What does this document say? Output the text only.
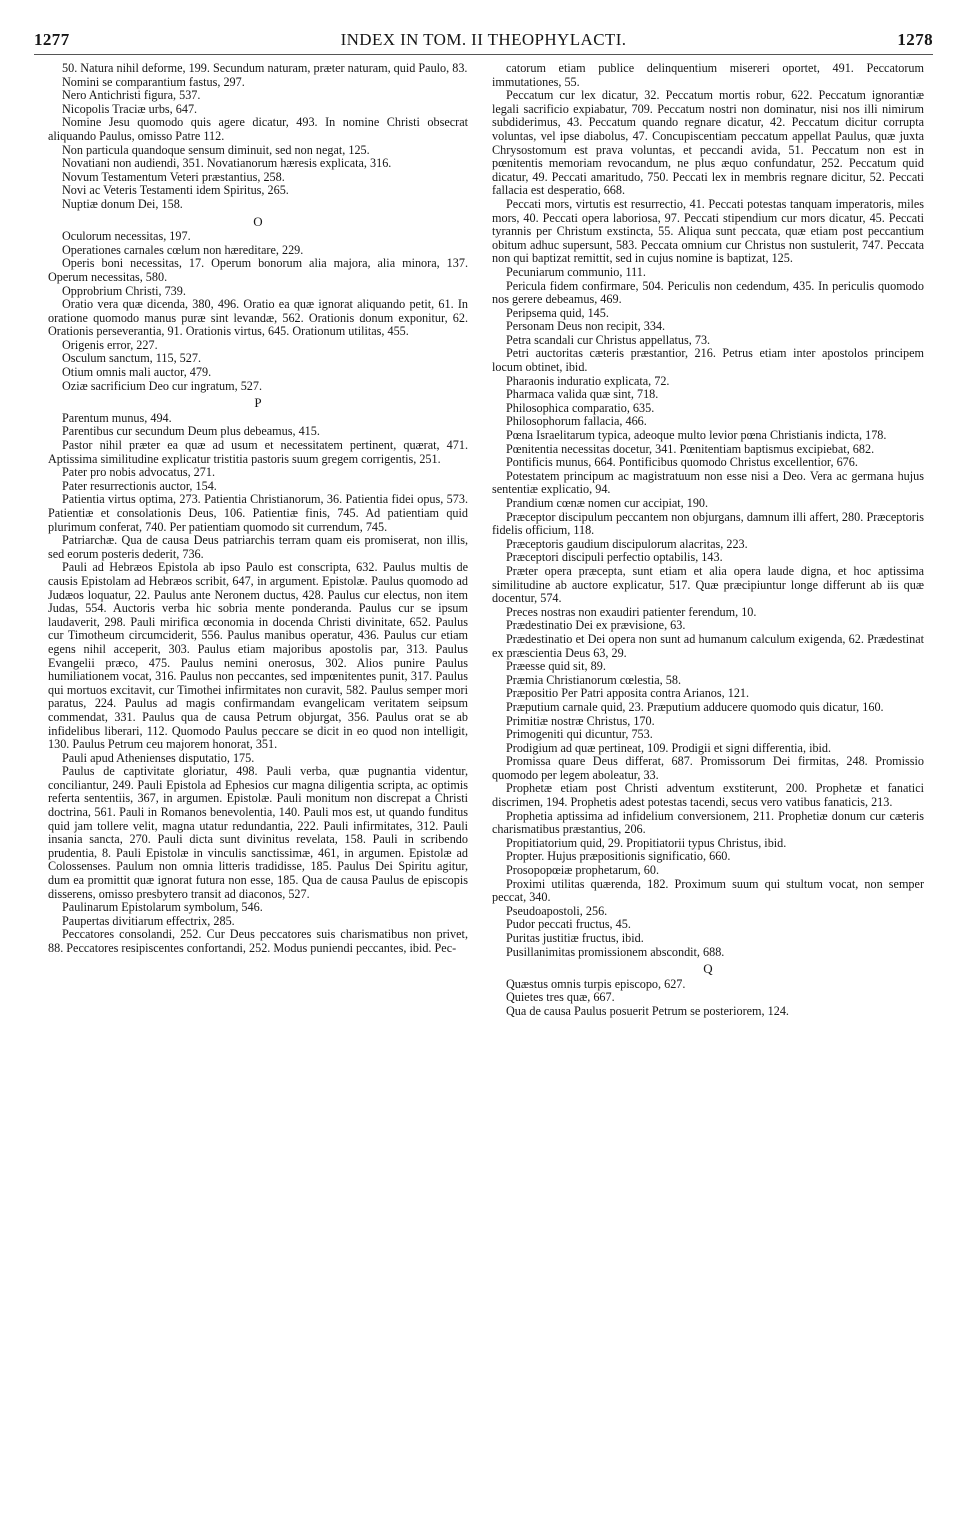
1277	INDEX IN TOM. II THEOPHYLACTI.	1278

50. Natura nihil deforme, 199. Secundum naturam, præter naturam, quid Paulo, 83.

Nomini se comparantium fastus, 297.

Nero Antichristi figura, 537.

Nicopolis Traciæ urbs, 647.

Nomine Jesu quomodo quis agere dicatur, 493. In nomine Christi obsecrat aliquando Paulus, omisso Patre 112.

Non particula quandoque sensum diminuit, sed non negat, 125.

Novatiani non audiendi, 351. Novatianorum hæresis explicata, 316.

Novum Testamentum Veteri præstantius, 258.

Novi ac Veteris Testamenti idem Spiritus, 265.

Nuptiæ donum Dei, 158.

O

Oculorum necessitas, 197.

Operationes carnales cœlum non hæreditare, 229.

Operis boni necessitas, 17. Operum bonorum alia majora, alia minora, 137. Operum necessitas, 580.

Opprobrium Christi, 739.

Oratio vera quæ dicenda, 380, 496. Oratio ea quæ ignorat aliquando petit, 61. In oratione quomodo manus puræ sint levandæ, 562. Orationis donum exponitur, 62. Orationis perseverantia, 91. Orationis virtus, 645. Orationum utilitas, 455.

Origenis error, 227.

Osculum sanctum, 115, 527.

Otium omnis mali auctor, 479.

Oziæ sacrificium Deo cur ingratum, 527.

P

Parentum munus, 494.

Parentibus cur secundum Deum plus debeamus, 415.

Pastor nihil præter ea quæ ad usum et necessitatem pertinent, quærat, 471. Aptissima similitudine explicatur tristitia pastoris suum gregem corrigentis, 251.

Pater pro nobis advocatus, 271.

Pater resurrectionis auctor, 154.

Patientia virtus optima, 273. Patientia Christianorum, 36. Patientia fidei opus, 573. Patientiæ et consolationis Deus, 106. Patientiæ finis, 745. Ad patientiam quid plurimum conferat, 740. Per patientiam quomodo sit currendum, 745.

Patriarchæ. Qua de causa Deus patriarchis terram quam eis promiserat, non illis, sed eorum posteris dederit, 736.

Pauli ad Hebræos Epistola ab ipso Paulo est conscripta, 632. Paulus multis de causis Epistolam ad Hebræos scribit, 647, in argument. Epistolæ. Paulus quomodo ad Judæos loquatur, 22. Paulus ante Neronem ductus, 428. Paulus cur electus, non item Judas, 554. Auctoris verba hic sobria mente ponderanda. Paulus cur se ipsum laudaverit, 298. Pauli mirifica œconomia in docenda Christi divinitate, 652. Paulus cur Timotheum circumciderit, 556. Paulus manibus operatur, 436. Paulus cur etiam egens nihil acceperit, 303. Paulus etiam majoribus apostolis par, 313. Paulus Evangelii præco, 475. Paulus nemini onerosus, 302. Alios punire Paulus humiliationem vocat, 316. Paulus non peccantes, sed impœnitentes punit, 317. Paulus qui mortuos excitavit, cur Timothei infirmitates non curavit, 582. Paulus semper mori paratus, 224. Paulus ad magis confirmandam evangelicam veritatem seipsum commendat, 331. Paulus qua de causa Petrum objurgat, 356. Paulus orat se ab infidelibus liberari, 112. Quomodo Paulus peccare se dicit in eo quod non intelligit, 130. Paulus Petrum ceu majorem honorat, 351.

Pauli apud Athenienses disputatio, 175.

Paulus de captivitate gloriatur, 498. Pauli verba, quæ pugnantia videntur, conciliantur, 249. Pauli Epistola ad Ephesios cur magna diligentia scripta, ac optimis referta sententiis, 367, in argumen. Epistolæ. Pauli monitum non discrepat a Christi doctrina, 561. Pauli in Romanos benevolentia, 140. Pauli mos est, ut quando funditus quid jam tollere velit, magna utatur redundantia, 222. Pauli infirmitates, 312. Pauli insania sancta, 270. Pauli dicta sunt divinitus revelata, 158. Pauli in scribendo prudentia, 8. Pauli Epistolæ in vinculis sanctissimæ, 461, in argumen. Epistolæ ad Colossenses. Paulum non omnia litteris tradidisse, 185. Paulus Dei Spiritu agitur, dum ea promittit quæ ignorat futura non esse, 185. Qua de causa Paulus de episcopis disserens, omisso presbytero transit ad diaconos, 527.

Paulinarum Epistolarum symbolum, 546.

Paupertas divitiarum effectrix, 285.

Peccatores consolandi, 252. Cur Deus peccatores suis charismatibus non privet, 88. Peccatores resipiscentes confortandi, 252. Modus puniendi peccantes, ibid. Pec-

catorum etiam publice delinquentium misereri oportet, 491. Peccatorum immutationes, 55.

Peccatum cur lex dicatur, 32. Peccatum mortis robur, 622. Peccatum ignorantiæ legali sacrificio expiabatur, 709. Peccatum nostri non dominatur, nisi nos illi nimirum subdiderimus, 43. Peccatum quando regnare dicatur, 42. Peccatum dicitur corrupta voluntas, vel ipse diabolus, 47. Concupiscentiam peccatum appellat Paulus, quæ juxta Chrysostomum est prava voluntas, et peccandi avida, 51. Peccatum non est in pœnitentis memoriam revocandum, ne plus æquo confundatur, 252. Peccatum quid dicatur, 49. Peccati amaritudo, 750. Peccati lex in membris regnare dicitur, 52. Peccati fallacia est desperatio, 668.

Peccati mors, virtutis est resurrectio, 41. Peccati potestas tanquam imperatoris, miles mors, 40. Peccati opera laboriosa, 97. Peccati stipendium cur mors dicatur, 45. Peccati tyrannis per Christum exstincta, 55. Aliqua sunt peccata, quæ etiam post peccantium obitum adhuc supersunt, 583. Peccata omnium cur Christus non sustulerit, 747. Peccata non qui baptizat remittit, sed in cujus nomine is baptizat, 125.

Pecuniarum communio, 111.

Pericula fidem confirmare, 504. Periculis non cedendum, 435. In periculis quomodo nos gerere debeamus, 469.

Peripsema quid, 145.

Personam Deus non recipit, 334.

Petra scandali cur Christus appellatus, 73.

Petri auctoritas cæteris præstantior, 216. Petrus etiam inter apostolos principem locum obtinet, ibid.

Pharaonis induratio explicata, 72.

Pharmaca valida quæ sint, 718.

Philosophica comparatio, 635.

Philosophorum fallacia, 466.

Pœna Israelitarum typica, adeoque multo levior pœna Christianis indicta, 178.

Pœnitentia necessitas docetur, 341. Pœnitentiam baptismus excipiebat, 682.

Pontificis munus, 664. Pontificibus quomodo Christus excellentior, 676.

Potestatem principum ac magistratuum non esse nisi a Deo. Vera ac germana hujus sententiæ explicatio, 94.

Prandium cœnæ nomen cur accipiat, 190.

Præceptor discipulum peccantem non objurgans, damnum illi affert, 280. Præceptoris fidelis officium, 118.

Præceptoris gaudium discipulorum alacritas, 223.

Præceptori discipuli perfectio optabilis, 143.

Præter opera præcepta, sunt etiam et alia opera laude digna, et hoc aptissima similitudine ab auctore explicatur, 517. Quæ præcipiuntur longe differunt ab iis quæ docentur, 574.

Preces nostras non exaudiri patienter ferendum, 10.

Prædestinatio Dei ex prævisione, 63.

Prædestinatio et Dei opera non sunt ad humanum calculum exigenda, 62. Prædestinat ex præscientia Deus 63, 29.

Præesse quid sit, 89.

Præmia Christianorum cœlestia, 58.

Præpositio Per Patri apposita contra Arianos, 121.

Præputium carnale quid, 23. Præputium adducere quomodo quis dicatur, 160.

Primitiæ nostræ Christus, 170.

Primogeniti qui dicuntur, 753.

Prodigium ad quæ pertineat, 109. Prodigii et signi differentia, ibid.

Promissa quare Deus differat, 687. Promissorum Dei firmitas, 248. Promissio quomodo per legem aboleatur, 33.

Prophetæ etiam post Christi adventum exstiterunt, 200. Prophetæ et fanatici discrimen, 194. Prophetis adest potestas tacendi, secus vero vatibus fanaticis, 213.

Prophetia aptissima ad infidelium conversionem, 211. Prophetiæ donum cur cæteris charismatibus præstantius, 206.

Propitiatorium quid, 29. Propitiatorii typus Christus, ibid.

Propter. Hujus præpositionis significatio, 660.

Prosopopœiæ prophetarum, 60.

Proximi utilitas quærenda, 182. Proximum suum qui stultum vocat, non semper peccat, 340.

Pseudoapostoli, 256.

Pudor peccati fructus, 45.

Puritas justitiæ fructus, ibid.

Pusillanimitas promissionem abscondit, 688.

Q

Quæstus omnis turpis episcopo, 627.

Quietes tres quæ, 667.

Qua de causa Paulus posuerit Petrum se posteriorem, 124.
